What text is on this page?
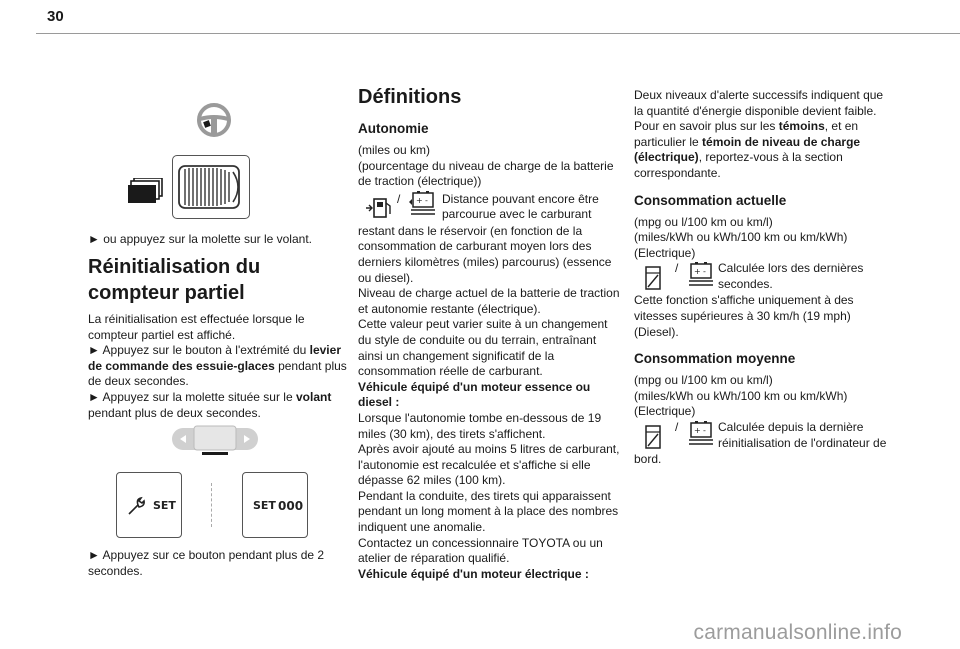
30

► ou appuyez sur la molette sur le volant.

Réinitialisation du compteur partiel

La réinitialisation est effectuée lorsque le compteur partiel est affiché.

► Appuyez sur le bouton à l'extrémité du levier de commande des essuie-glaces pendant plus de deux secondes.

► Appuyez sur la molette située sur le volant pendant plus de deux secondes.

SET	SET 000

► Appuyez sur ce bouton pendant plus de 2 secondes.

Définitions

Autonomie

(miles ou km)

(pourcentage du niveau de charge de la batterie de traction (électrique))

/ + - Distance pouvant encore être parcourue avec le carburant

restant dans le réservoir (en fonction de la consommation de carburant moyen lors des derniers kilomètres (miles) parcourus) (essence ou diesel).

Niveau de charge actuel de la batterie de traction et autonomie restante (électrique).

Cette valeur peut varier suite à un changement du style de conduite ou du terrain, entraînant ainsi un changement significatif de la consommation réelle de carburant.

Véhicule équipé d'un moteur essence ou diesel :

Lorsque l'autonomie tombe en-dessous de 19 miles (30 km), des tirets s'affichent.

Après avoir ajouté au moins 5 litres de carburant, l'autonomie est recalculée et s'affiche si elle dépasse 62 miles (100 km).

Pendant la conduite, des tirets qui apparaissent pendant un long moment à la place des nombres indiquent une anomalie.

Contactez un concessionnaire TOYOTA ou un atelier de réparation qualifié.

Véhicule équipé d'un moteur électrique :

Deux niveaux d'alerte successifs indiquent que la quantité d'énergie disponible devient faible. Pour en savoir plus sur les témoins, et en particulier le témoin de niveau de charge (électrique), reportez-vous à la section correspondante.

Consommation actuelle

(mpg ou l/100 km ou km/l)

(miles/kWh ou kWh/100 km ou km/kWh) (Electrique)

/ + - Calculée lors des dernières secondes.

Cette fonction s'affiche uniquement à des vitesses supérieures à 30 km/h (19 mph) (Diesel).

Consommation moyenne

(mpg ou l/100 km ou km/l)

(miles/kWh ou kWh/100 km ou km/kWh) (Electrique)

/ + - Calculée depuis la dernière réinitialisation de l'ordinateur de

bord.

carmanualsonline.info
